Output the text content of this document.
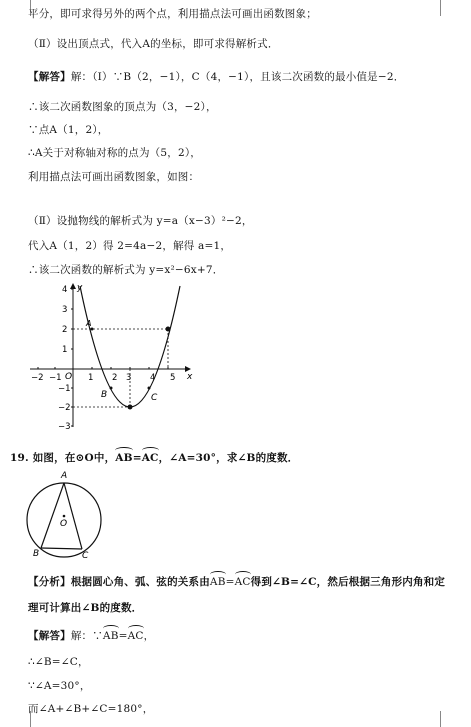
平分，即可求得另外的两个点，利用描点法可画出函数图象；
（Ⅱ）设出顶点式，代入A的坐标，即可求得解析式．
【解答】解：（Ⅰ）∵B（2，−1），C（4，−1），且该二次函数的最小值是−2．
∴该二次函数图象的顶点为（3，−2），
∵点A（1，2），
∴A关于对称轴对称的点为（5，2），
利用描点法可画出函数图象，如图：
（Ⅱ）设抛物线的解析式为 y=a（x−3）²−2，
代入A（1，2）得 2=4a−2，解得 a=1，
∴该二次函数的解析式为 y=x²−6x+7．
x
y
O
−2 −1	1 2 3 4 5
4
3
2
1
−1
−2
−3
A
B	C
19. 如图，在⊙O中，AB=AC，∠A=30°，求∠B的度数．
A
O
B	C
【分析】根据圆心角、弧、弦的关系由AB=AC得到∠B=∠C，然后根据三角形内角和定
理可计算出∠B的度数．
【解答】解：∵AB=AC，
∴∠B=∠C，
∵∠A=30°，
而∠A+∠B+∠C=180°，
